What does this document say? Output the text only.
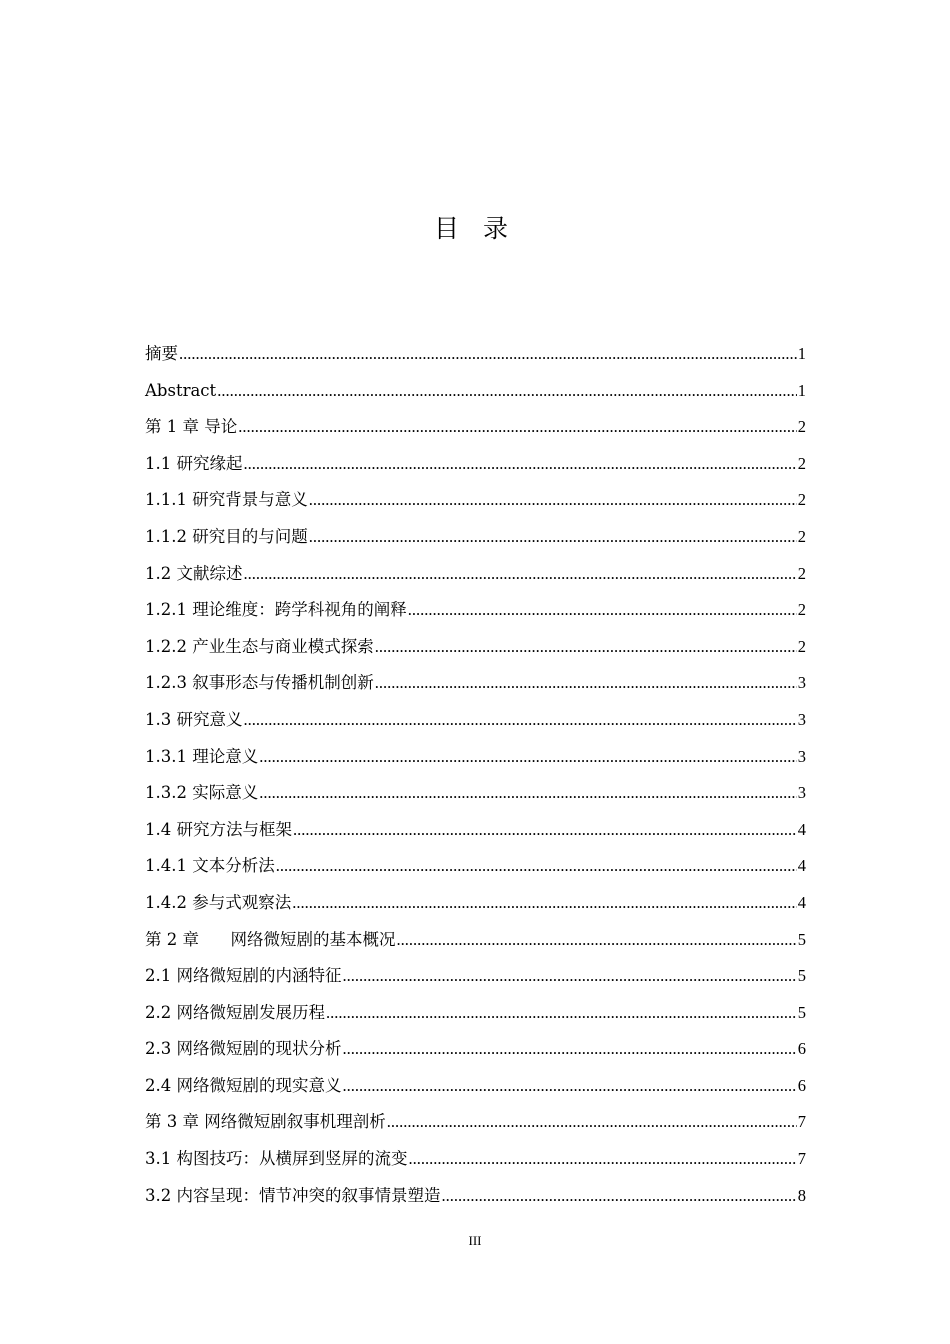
目 录
摘要 .....	1
Abstract .....	1
第 1 章 导论 .....	2
1.1 研究缘起 .....	2
1.1.1 研究背景与意义 .....	2
1.1.2 研究目的与问题 .....	2
1.2 文献综述 .....	2
1.2.1 理论维度：跨学科视角的阐释 .....	2
1.2.2 产业生态与商业模式探索 .....	2
1.2.3 叙事形态与传播机制创新 .....	3
1.3 研究意义 .....	3
1.3.1 理论意义 .....	3
1.3.2 实际意义 .....	3
1.4 研究方法与框架 .....	4
1.4.1 文本分析法 .....	4
1.4.2 参与式观察法 .....	4
第 2 章      网络微短剧的基本概况 .....	5
2.1 网络微短剧的内涵特征 .....	5
2.2 网络微短剧发展历程 .....	5
2.3 网络微短剧的现状分析 .....	6
2.4 网络微短剧的现实意义 .....	6
第 3 章 网络微短剧叙事机理剖析 .....	7
3.1 构图技巧：从横屏到竖屏的流变 .....	7
3.2 内容呈现：情节冲突的叙事情景塑造 .....	8
III
